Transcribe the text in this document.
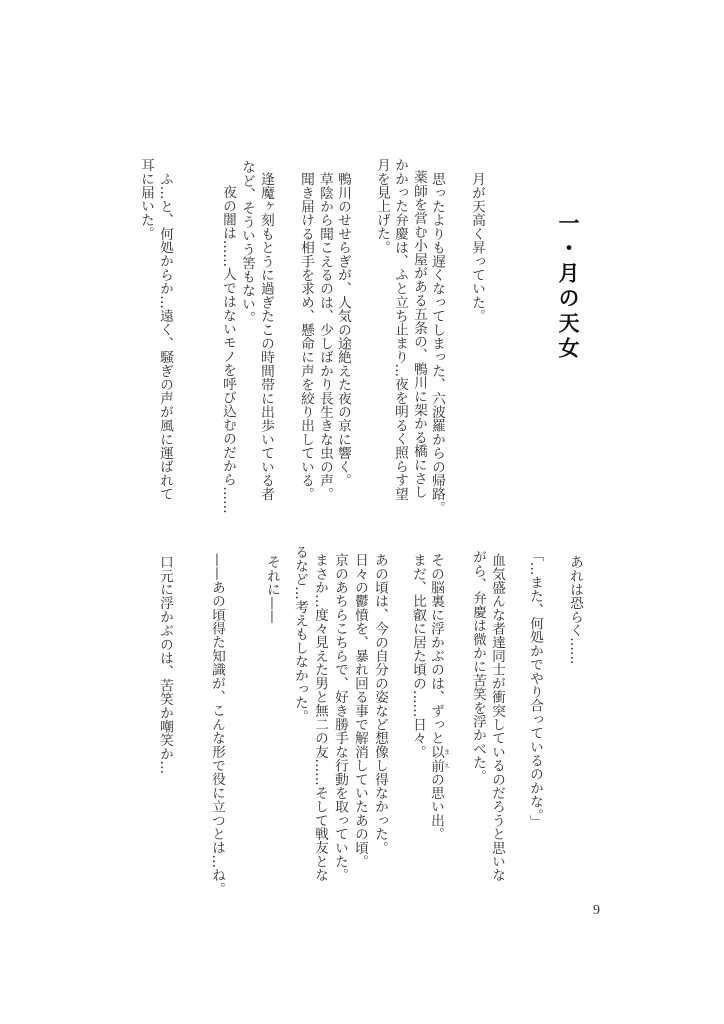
一・月の天女
月が天高く昇っていた。
思ったよりも遅くなってしまった、六波羅からの帰路。
薬師を営む小屋がある五条の、鴨川に架かる橋にさし
かかった弁慶は、ふと立ち止まり…夜を明るく照らす望
月を見上げた。
鴨川のせせらぎが、人気の途絶えた夜の京に響く。
草陰から聞こえるのは、少しばかり長生きな虫の声。
聞き届ける相手を求め、懸命に声を絞り出している。
逢魔ヶ刻もとうに過ぎたこの時間帯に出歩いている者
など、そういう筈もない。
夜の闇は……人ではないモノを呼び込むのだから……
ふ…と、何処からか…遠く、騒ぎの声が風に運ばれて
耳に届いた。
あれは恐らく……
「…また、何処かでやり合っているのかな。」
血気盛んな者達同士が衝突しているのだろうと思いな
がら、弁慶は微かに苦笑を浮かべた。
その脳裏に浮かぶのは、ずっと以前まえの思い出。
まだ、比叡に居た頃の……日々。
あの頃は、今の自分の姿など想像し得なかった。
日々の鬱憤を、暴れ回る事で解消していたあの頃。
京のあちらこちらで、好き勝手な行動を取っていた。
まさか…度々見えた男と無二の友……そして戦友とな
るなど…考えもしなかった。
それに——
——あの頃得た知識が、こんな形で役に立つとは…ね。
口元に浮かぶのは、苦笑か嘲笑か…
9
